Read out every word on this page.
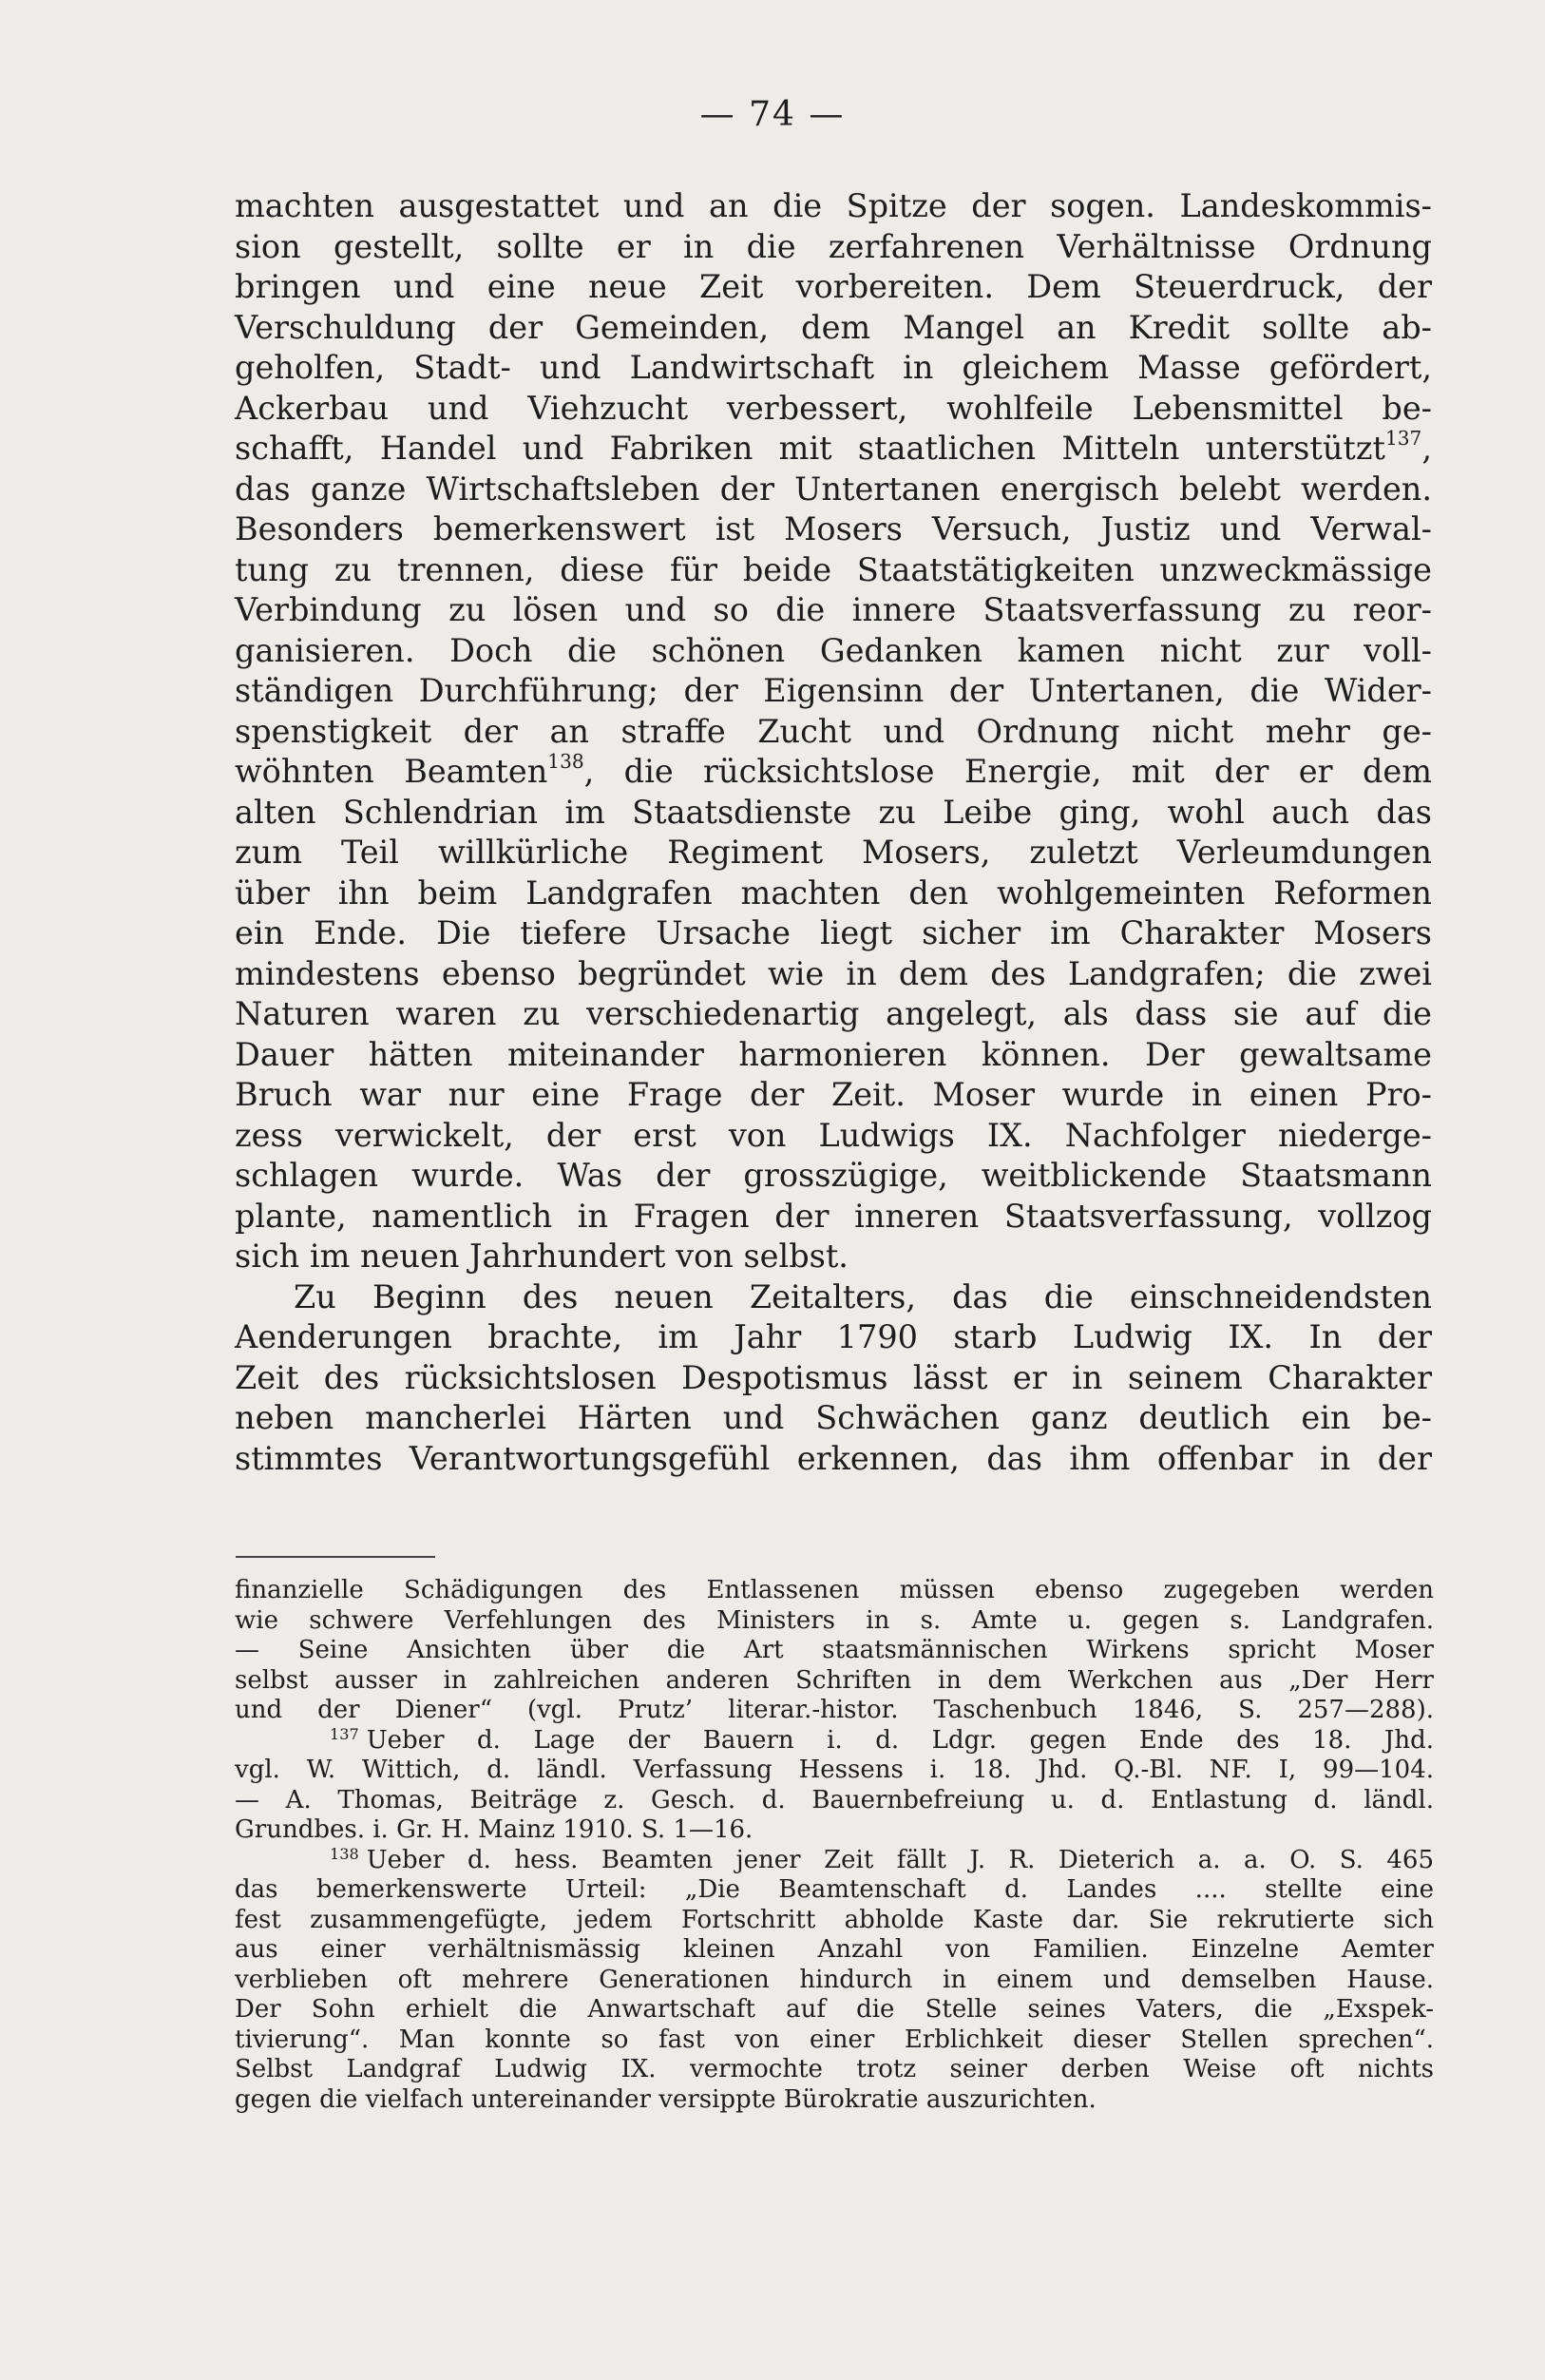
— 74 —
machten ausgestattet und an die Spitze der sogen. Landeskommis-
sion gestellt, sollte er in die zerfahrenen Verhältnisse Ordnung
bringen und eine neue Zeit vorbereiten. Dem Steuerdruck, der
Verschuldung der Gemeinden, dem Mangel an Kredit sollte ab-
geholfen, Stadt- und Landwirtschaft in gleichem Masse gefördert,
Ackerbau und Viehzucht verbessert, wohlfeile Lebensmittel be-
schafft, Handel und Fabriken mit staatlichen Mitteln unterstützt$^{137}$,
das ganze Wirtschaftsleben der Untertanen energisch belebt werden.
Besonders bemerkenswert ist Mosers Versuch, Justiz und Verwal-
tung zu trennen, diese für beide Staatstätigkeiten unzweckmässige
Verbindung zu lösen und so die innere Staatsverfassung zu reor-
ganisieren. Doch die schönen Gedanken kamen nicht zur voll-
ständigen Durchführung; der Eigensinn der Untertanen, die Wider-
spenstigkeit der an straffe Zucht und Ordnung nicht mehr ge-
wöhnten Beamten$^{138}$, die rücksichtslose Energie, mit der er dem
alten Schlendrian im Staatsdienste zu Leibe ging, wohl auch das
zum Teil willkürliche Regiment Mosers, zuletzt Verleumdungen
über ihn beim Landgrafen machten den wohlgemeinten Reformen
ein Ende. Die tiefere Ursache liegt sicher im Charakter Mosers
mindestens ebenso begründet wie in dem des Landgrafen; die zwei
Naturen waren zu verschiedenartig angelegt, als dass sie auf die
Dauer hätten miteinander harmonieren können. Der gewaltsame
Bruch war nur eine Frage der Zeit. Moser wurde in einen Pro-
zess verwickelt, der erst von Ludwigs IX. Nachfolger niederge-
schlagen wurde. Was der grosszügige, weitblickende Staatsmann
plante, namentlich in Fragen der inneren Staatsverfassung, vollzog
sich im neuen Jahrhundert von selbst.
Zu Beginn des neuen Zeitalters, das die einschneidendsten
Aenderungen brachte, im Jahr 1790 starb Ludwig IX. In der
Zeit des rücksichtslosen Despotismus lässt er in seinem Charakter
neben mancherlei Härten und Schwächen ganz deutlich ein be-
stimmtes Verantwortungsgefühl erkennen, das ihm offenbar in der
finanzielle Schädigungen des Entlassenen müssen ebenso zugegeben werden
wie schwere Verfehlungen des Ministers in s. Amte u. gegen s. Landgrafen.
— Seine Ansichten über die Art staatsmännischen Wirkens spricht Moser
selbst ausser in zahlreichen anderen Schriften in dem Werkchen aus „Der Herr
und der Diener“ (vgl. Prutz’ literar.-histor. Taschenbuch 1846, S. 257—288).
$^{137}$ Ueber d. Lage der Bauern i. d. Ldgr. gegen Ende des 18. Jhd.
vgl. W. Wittich, d. ländl. Verfassung Hessens i. 18. Jhd. Q.-Bl. NF. I, 99—104.
— A. Thomas, Beiträge z. Gesch. d. Bauernbefreiung u. d. Entlastung d. ländl.
Grundbes. i. Gr. H. Mainz 1910. S. 1—16.
$^{138}$ Ueber d. hess. Beamten jener Zeit fällt J. R. Dieterich a. a. O. S. 465
das bemerkenswerte Urteil: „Die Beamtenschaft d. Landes .... stellte eine
fest zusammengefügte, jedem Fortschritt abholde Kaste dar. Sie rekrutierte sich
aus einer verhältnismässig kleinen Anzahl von Familien. Einzelne Aemter
verblieben oft mehrere Generationen hindurch in einem und demselben Hause.
Der Sohn erhielt die Anwartschaft auf die Stelle seines Vaters, die „Exspek-
tivierung“. Man konnte so fast von einer Erblichkeit dieser Stellen sprechen“.
Selbst Landgraf Ludwig IX. vermochte trotz seiner derben Weise oft nichts
gegen die vielfach untereinander versippte Bürokratie auszurichten.
